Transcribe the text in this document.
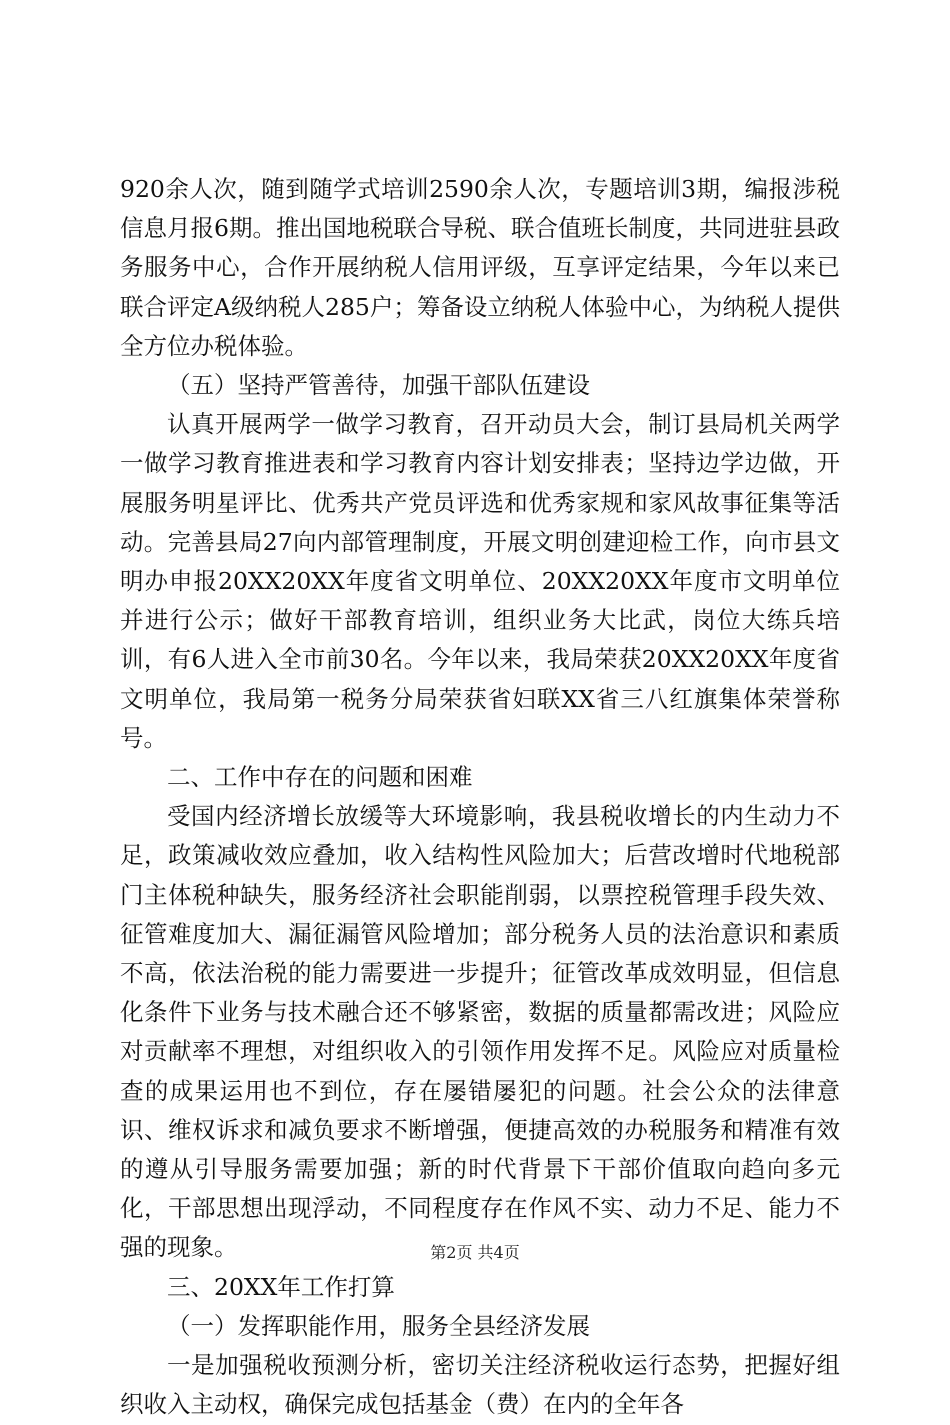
920余人次，随到随学式培训2590余人次，专题培训3期，编报涉税信息月报6期。推出国地税联合导税、联合值班长制度，共同进驻县政务服务中心，合作开展纳税人信用评级，互享评定结果，今年以来已联合评定A级纳税人285户；筹备设立纳税人体验中心，为纳税人提供全方位办税体验。

（五）坚持严管善待，加强干部队伍建设

认真开展两学一做学习教育，召开动员大会，制订县局机关两学一做学习教育推进表和学习教育内容计划安排表；坚持边学边做，开展服务明星评比、优秀共产党员评选和优秀家规和家风故事征集等活动。完善县局27向内部管理制度，开展文明创建迎检工作，向市县文明办申报20XX20XX年度省文明单位、20XX20XX年度市文明单位并进行公示；做好干部教育培训，组织业务大比武，岗位大练兵培训，有6人进入全市前30名。今年以来，我局荣获20XX20XX年度省文明单位，我局第一税务分局荣获省妇联XX省三八红旗集体荣誉称号。

二、工作中存在的问题和困难

受国内经济增长放缓等大环境影响，我县税收增长的内生动力不足，政策减收效应叠加，收入结构性风险加大；后营改增时代地税部门主体税种缺失，服务经济社会职能削弱，以票控税管理手段失效、征管难度加大、漏征漏管风险增加；部分税务人员的法治意识和素质不高，依法治税的能力需要进一步提升；征管改革成效明显，但信息化条件下业务与技术融合还不够紧密，数据的质量都需改进；风险应对贡献率不理想，对组织收入的引领作用发挥不足。风险应对质量检查的成果运用也不到位，存在屡错屡犯的问题。社会公众的法律意识、维权诉求和减负要求不断增强，便捷高效的办税服务和精准有效的遵从引导服务需要加强；新的时代背景下干部价值取向趋向多元化，干部思想出现浮动，不同程度存在作风不实、动力不足、能力不强的现象。

三、20XX年工作打算

（一）发挥职能作用，服务全县经济发展

一是加强税收预测分析，密切关注经济税收运行态势，把握好组织收入主动权，确保完成包括基金（费）在内的全年各

第2页 共4页
